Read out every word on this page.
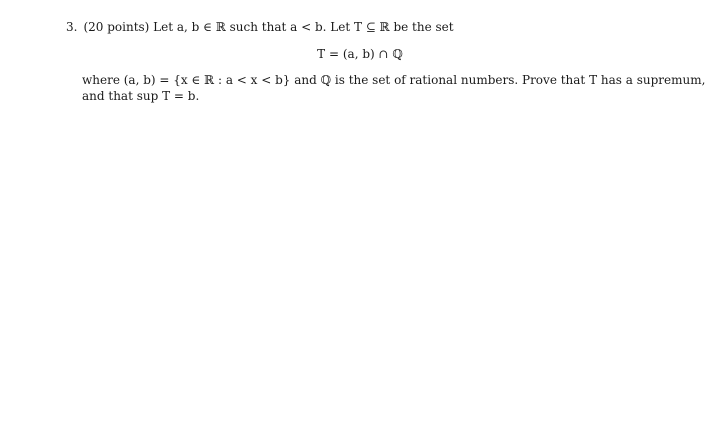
3. (20 points) Let a, b ∈ ℝ such that a < b. Let T ⊆ ℝ be the set
T = (a, b) ∩ ℚ
where (a, b) = {x ∈ ℝ : a < x < b} and ℚ is the set of rational numbers. Prove that T has a supremum,
and that sup T = b.
